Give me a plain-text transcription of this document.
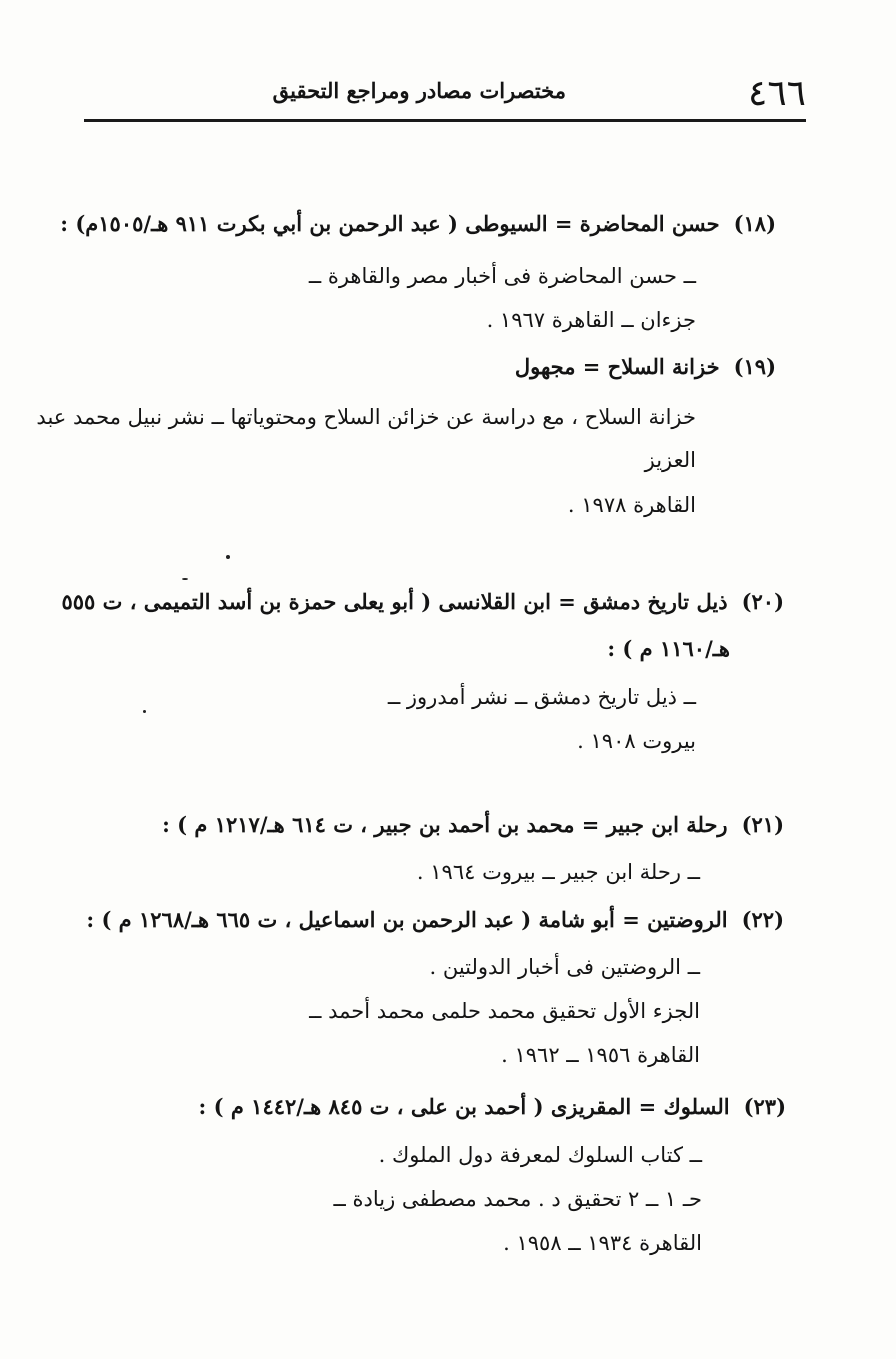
٤٦٦
مختصرات مصادر ومراجع التحقيق
(١٨)حسن المحاضرة = السيوطى ( عبد الرحمن بن أبي بكرت ٩١١ هـ/١٥٠٥م) :
ــ حسن المحاضرة فى أخبار مصر والقاهرة ــ
جزءان ــ القاهرة ١٩٦٧ .
(١٩)خزانة السلاح = مجهول
خزانة السلاح ، مع دراسة عن خزائن السلاح ومحتوياتها ــ نشر نبيل محمد عبد
العزيز
القاهرة ١٩٧٨ .
(٢٠)ذيل تاريخ دمشق = ابن القلانسى ( أبو يعلى حمزة بن أسد التميمى ، ت ٥٥٥
هـ/١١٦٠ م ) :
ــ ذيل تاريخ دمشق ــ نشر أمدروز ــ
بيروت ١٩٠٨ .
(٢١)رحلة ابن جبير = محمد بن أحمد بن جبير ، ت ٦١٤ هـ/١٢١٧ م ) :
ــ رحلة ابن جبير ــ بيروت ١٩٦٤ .
(٢٢)الروضتين = أبو شامة ( عبد الرحمن بن اسماعيل ، ت ٦٦٥ هـ/١٢٦٨ م ) :
ــ الروضتين فى أخبار الدولتين .
الجزء الأول تحقيق محمد حلمى محمد أحمد ــ
القاهرة ١٩٥٦ ــ ١٩٦٢ .
(٢٣)السلوك = المقريزى ( أحمد بن على ، ت ٨٤٥ هـ/١٤٤٢ م ) :
ــ كتاب السلوك لمعرفة دول الملوك .
حـ ١ ــ ٢ تحقيق د . محمد مصطفى زيادة ــ
القاهرة ١٩٣٤ ــ ١٩٥٨ .
